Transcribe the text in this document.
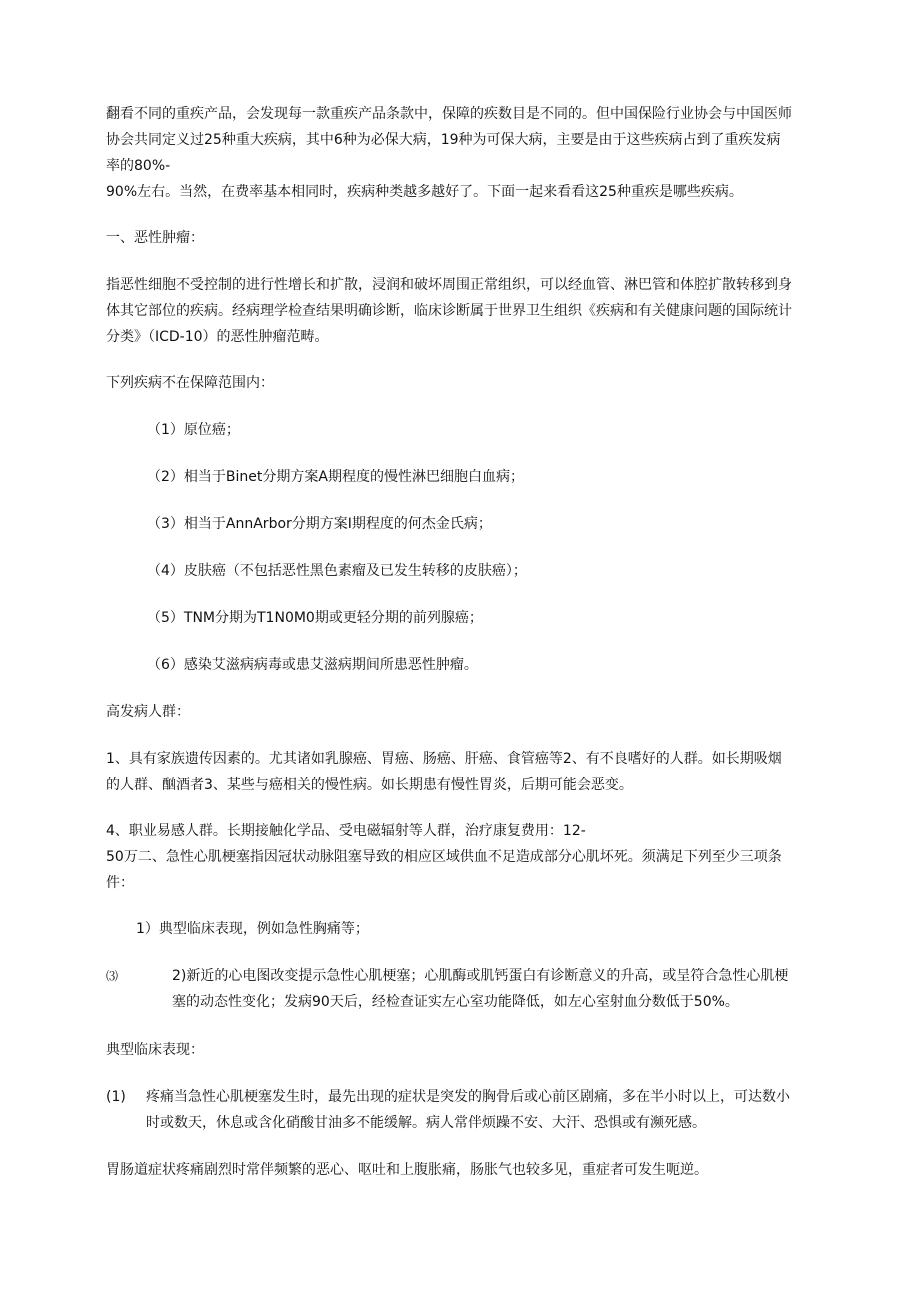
翻看不同的重疾产品，会发现每一款重疾产品条款中，保障的疾数目是不同的。但中国保险行业协会与中国医师协会共同定义过25种重大疾病，其中6种为必保大病，19种为可保大病，主要是由于这些疾病占到了重疾发病率的80%-

90%左右。当然，在费率基本相同时，疾病种类越多越好了。下面一起来看看这25种重疾是哪些疾病。

一、恶性肿瘤：

指恶性细胞不受控制的进行性增长和扩散，浸润和破坏周围正常组织，可以经血管、淋巴管和体腔扩散转移到身体其它部位的疾病。经病理学检查结果明确诊断，临床诊断属于世界卫生组织《疾病和有关健康问题的国际统计分类》（ICD-10）的恶性肿瘤范畴。

下列疾病不在保障范围内：

（1）原位癌；

（2）相当于Binet分期方案A期程度的慢性淋巴细胞白血病；

（3）相当于AnnArbor分期方案I期程度的何杰金氏病；

（4）皮肤癌（不包括恶性黑色素瘤及已发生转移的皮肤癌）；

（5）TNM分期为T1N0M0期或更轻分期的前列腺癌；

（6）感染艾滋病病毒或患艾滋病期间所患恶性肿瘤。

高发病人群：

1、具有家族遗传因素的。尤其诸如乳腺癌、胃癌、肠癌、肝癌、食管癌等2、有不良嗜好的人群。如长期吸烟的人群、酗酒者3、某些与癌相关的慢性病。如长期患有慢性胃炎，后期可能会恶变。

4、职业易感人群。长期接触化学品、受电磁辐射等人群，治疗康复费用：12-

50万二、急性心肌梗塞指因冠状动脉阻塞导致的相应区域供血不足造成部分心肌坏死。须满足下列至少三项条件：

1）典型临床表现，例如急性胸痛等；

⑶	2)新近的心电图改变提示急性心肌梗塞；心肌酶或肌钙蛋白有诊断意义的升高，或呈符合急性心肌梗塞的动态性变化；发病90天后，经检查证实左心室功能降低，如左心室射血分数低于50%。

典型临床表现：

(1)	疼痛当急性心肌梗塞发生时，最先出现的症状是突发的胸骨后或心前区剧痛，多在半小时以上，可达数小时或数天，休息或含化硝酸甘油多不能缓解。病人常伴烦躁不安、大汗、恐惧或有濒死感。

胃肠道症状疼痛剧烈时常伴频繁的恶心、呕吐和上腹胀痛，肠胀气也较多见，重症者可发生呃逆。
